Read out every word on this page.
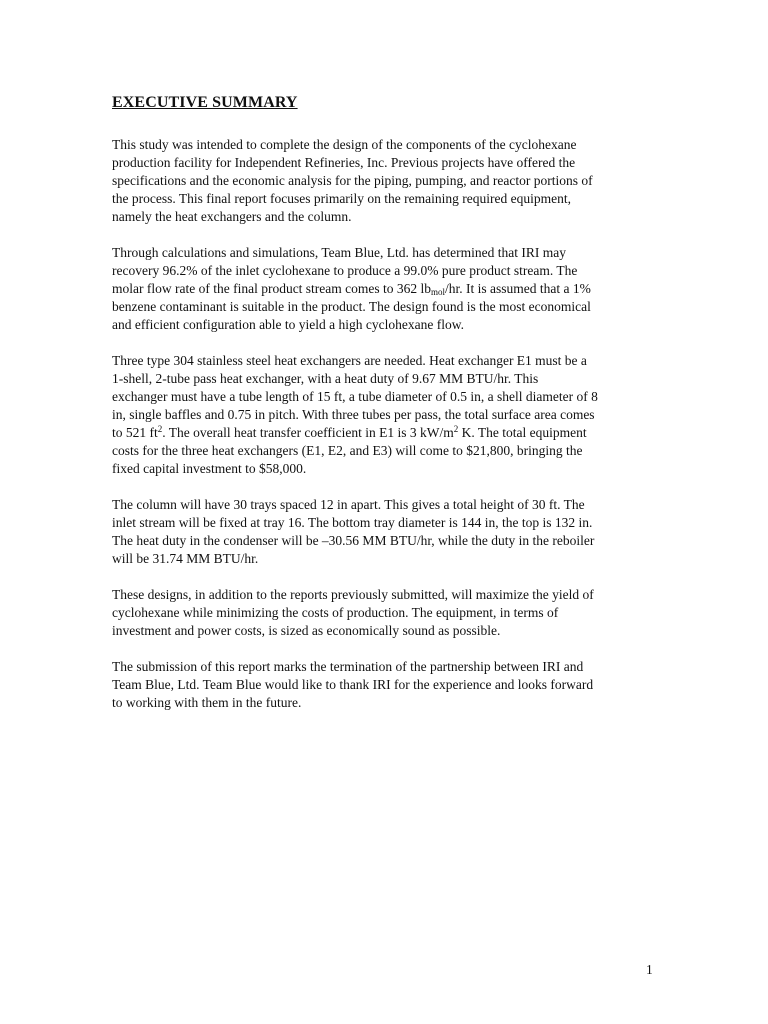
EXECUTIVE SUMMARY
This study was intended to complete the design of the components of the cyclohexane
production facility for Independent Refineries, Inc. Previous projects have offered the
specifications and the economic analysis for the piping, pumping, and reactor portions of
the process. This final report focuses primarily on the remaining required equipment,
namely the heat exchangers and the column.
Through calculations and simulations, Team Blue, Ltd. has determined that IRI may
recovery 96.2% of the inlet cyclohexane to produce a 99.0% pure product stream. The
molar flow rate of the final product stream comes to 362 $lb_{mol}/hr$. It is assumed that a 1%
benzene contaminant is suitable in the product. The design found is the most economical
and efficient configuration able to yield a high cyclohexane flow.
Three type 304 stainless steel heat exchangers are needed. Heat exchanger E1 must be a
1-shell, 2-tube pass heat exchanger, with a heat duty of 9.67 MM BTU/hr. This
exchanger must have a tube length of 15 ft, a tube diameter of 0.5 in, a shell diameter of 8
in, single baffles and 0.75 in pitch. With three tubes per pass, the total surface area comes
to 521 $ft^2$. The overall heat transfer coefficient in E1 is 3 $kW/m^2$ K. The total equipment
costs for the three heat exchangers (E1, E2, and E3) will come to $21,800, bringing the
fixed capital investment to $58,000.
The column will have 30 trays spaced 12 in apart. This gives a total height of 30 ft. The
inlet stream will be fixed at tray 16. The bottom tray diameter is 144 in, the top is 132 in.
The heat duty in the condenser will be –30.56 MM BTU/hr, while the duty in the reboiler
will be 31.74 MM BTU/hr.
These designs, in addition to the reports previously submitted, will maximize the yield of
cyclohexane while minimizing the costs of production. The equipment, in terms of
investment and power costs, is sized as economically sound as possible.
The submission of this report marks the termination of the partnership between IRI and
Team Blue, Ltd. Team Blue would like to thank IRI for the experience and looks forward
to working with them in the future.
1
